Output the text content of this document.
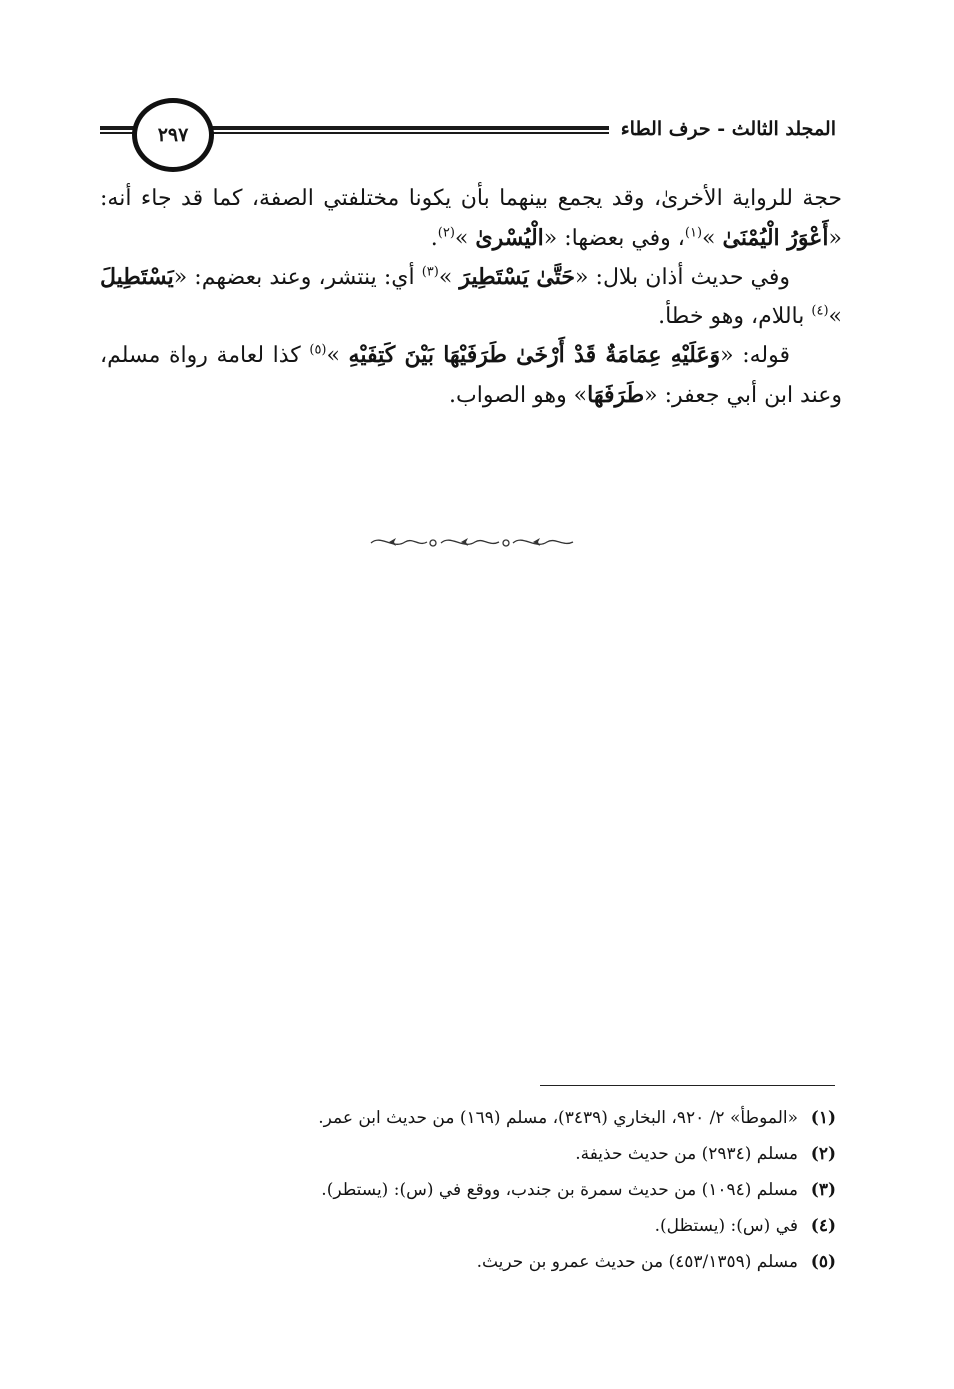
المجلد الثالث - حرف الطاء
٢٩٧

حجة للرواية الأخرىٰ، وقد يجمع بينهما بأن يكونا مختلفتي الصفة، كما قد جاء أنه: «أَعْوَرُ الْيُمْنَىٰ »$^{(١)}$، وفي بعضها: «الْيُسْرىٰ »$^{(٢)}$.

وفي حديث أذان بلال: «حَتَّىٰ يَسْتَطِيرَ »$^{(٣)}$ أي: ينتشر، وعند بعضهم: «يَسْتَطِيلَ »$^{(٤)}$ باللام، وهو خطأ.

قوله: «وَعَلَيْهِ عِمَامَةٌ قَدْ أَرْخَىٰ طَرَفَيْهَا بَيْنَ كَتِفَيْهِ »$^{(٥)}$ كذا لعامة رواة مسلم، وعند ابن أبي جعفر: «طَرَفَهَا» وهو الصواب.

(١)
«الموطأ» ٢/ ٩٢٠، البخاري (٣٤٣٩)، مسلم (١٦٩) من حديث ابن عمر.
(٢)
مسلم (٢٩٣٤) من حديث حذيفة.
(٣)
مسلم (١٠٩٤) من حديث سمرة بن جندب، ووقع في (س): (يستطر).
(٤)
في (س): (يستظل).
(٥)
مسلم (٤٥٣/١٣٥٩) من حديث عمرو بن حريث.
